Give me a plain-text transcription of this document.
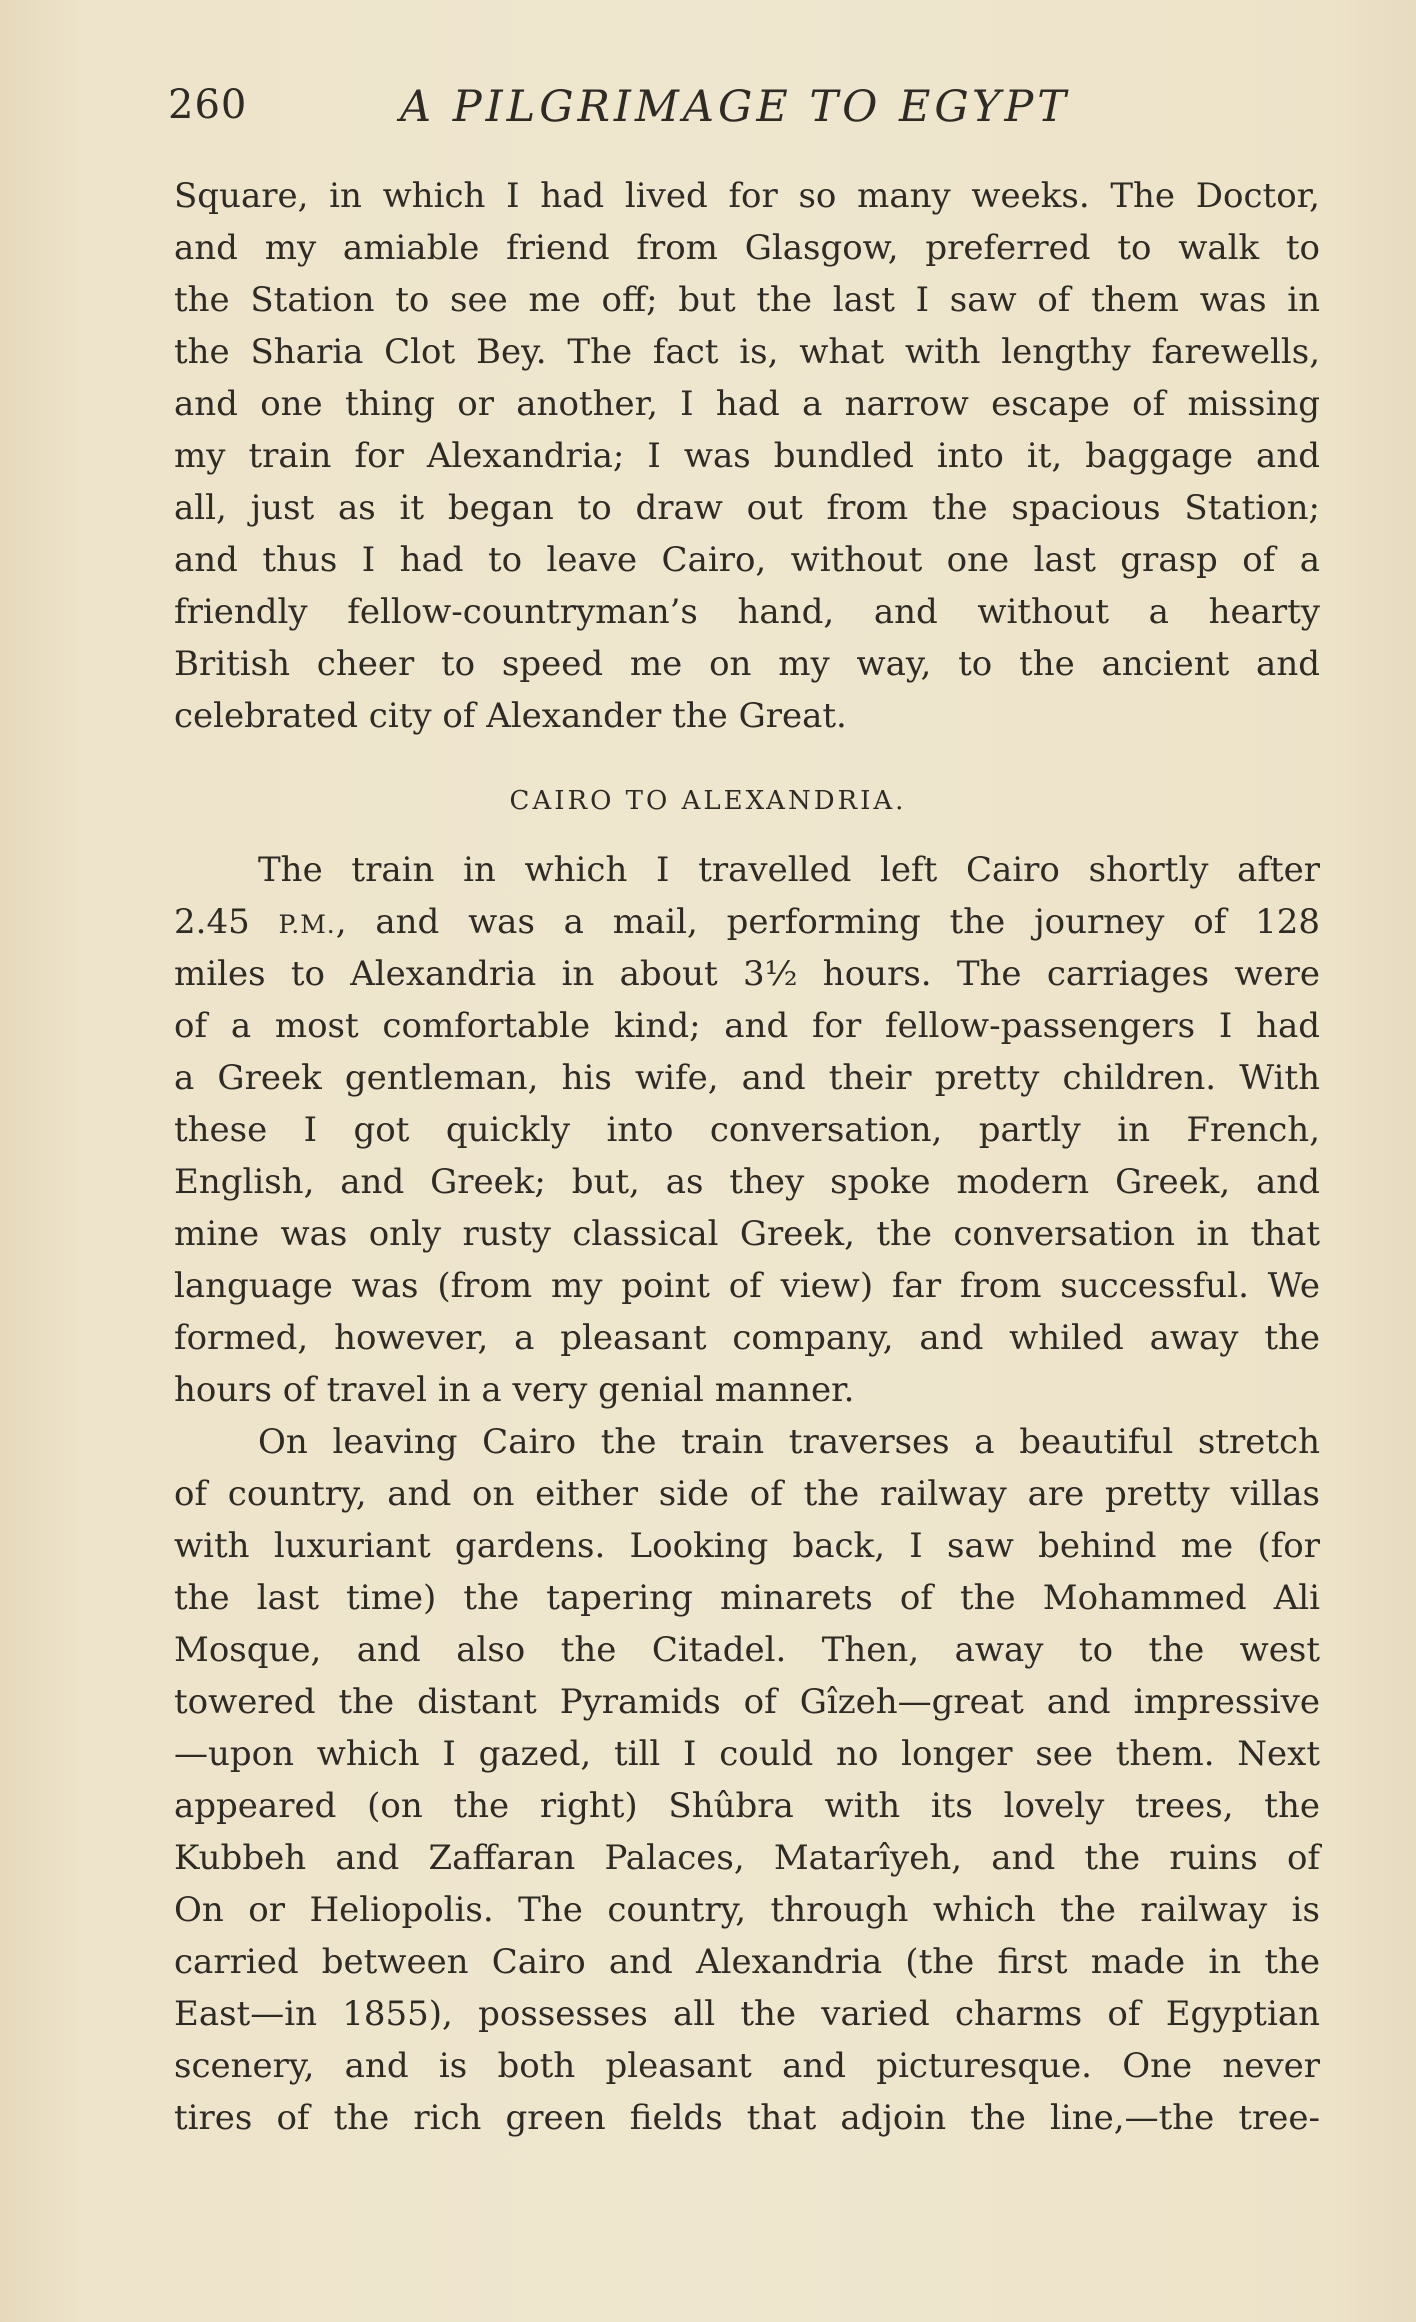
260	A PILGRIMAGE TO EGYPT
Square, in which I had lived for so many weeks. The Doctor,
and my amiable friend from Glasgow, preferred to walk to
the Station to see me off; but the last I saw of them was in
the Sharia Clot Bey. The fact is, what with lengthy farewells,
and one thing or another, I had a narrow escape of missing
my train for Alexandria; I was bundled into it, baggage and
all, just as it began to draw out from the spacious Station;
and thus I had to leave Cairo, without one last grasp of a
friendly fellow-countryman’s hand, and without a hearty
British cheer to speed me on my way, to the ancient and
celebrated city of Alexander the Great.
CAIRO TO ALEXANDRIA.
The train in which I travelled left Cairo shortly after
2.45 P.M., and was a mail, performing the journey of 128
miles to Alexandria in about 3½ hours. The carriages were
of a most comfortable kind; and for fellow-passengers I had
a Greek gentleman, his wife, and their pretty children. With
these I got quickly into conversation, partly in French,
English, and Greek; but, as they spoke modern Greek, and
mine was only rusty classical Greek, the conversation in that
language was (from my point of view) far from successful. We
formed, however, a pleasant company, and whiled away the
hours of travel in a very genial manner.
On leaving Cairo the train traverses a beautiful stretch
of country, and on either side of the railway are pretty villas
with luxuriant gardens. Looking back, I saw behind me (for
the last time) the tapering minarets of the Mohammed Ali
Mosque, and also the Citadel. Then, away to the west
towered the distant Pyramids of Gîzeh—great and impressive
—upon which I gazed, till I could no longer see them. Next
appeared (on the right) Shûbra with its lovely trees, the
Kubbeh and Zaffaran Palaces, Matarîyeh, and the ruins of
On or Heliopolis. The country, through which the railway is
carried between Cairo and Alexandria (the first made in the
East—in 1855), possesses all the varied charms of Egyptian
scenery, and is both pleasant and picturesque. One never
tires of the rich green fields that adjoin the line,—the tree-
